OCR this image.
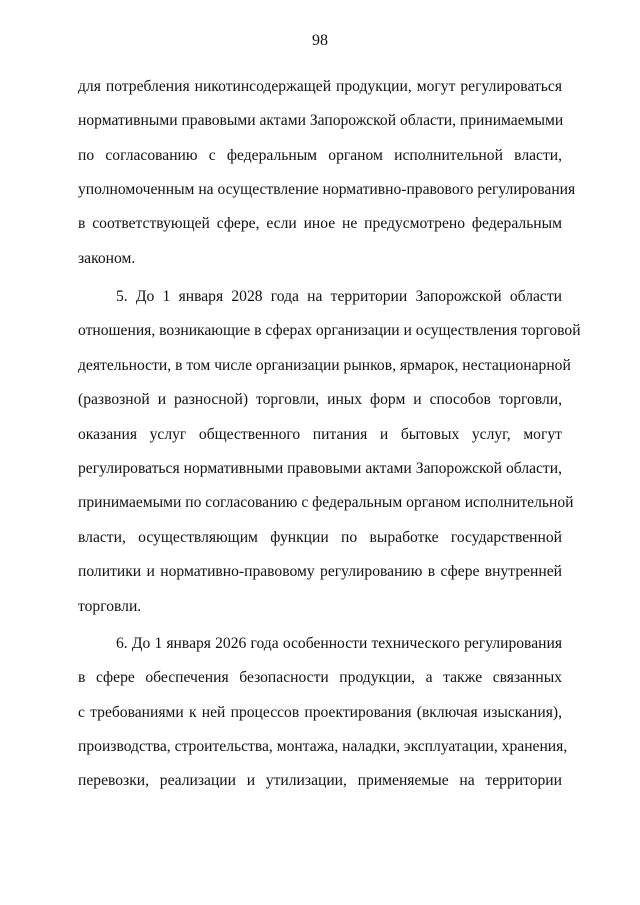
98
для потребления никотинсодержащей продукции, могут регулироваться
нормативными правовыми актами Запорожской области, принимаемыми
по согласованию с федеральным органом исполнительной власти,
уполномоченным на осуществление нормативно-правового регулирования
в соответствующей сфере, если иное не предусмотрено федеральным
законом.
5. До 1 января 2028 года на территории Запорожской области
отношения, возникающие в сферах организации и осуществления торговой
деятельности, в том числе организации рынков, ярмарок, нестационарной
(развозной и разносной) торговли, иных форм и способов торговли,
оказания услуг общественного питания и бытовых услуг, могут
регулироваться нормативными правовыми актами Запорожской области,
принимаемыми по согласованию с федеральным органом исполнительной
власти, осуществляющим функции по выработке государственной
политики и нормативно-правовому регулированию в сфере внутренней
торговли.
6. До 1 января 2026 года особенности технического регулирования
в сфере обеспечения безопасности продукции, а также связанных
с требованиями к ней процессов проектирования (включая изыскания),
производства, строительства, монтажа, наладки, эксплуатации, хранения,
перевозки, реализации и утилизации, применяемые на территории
